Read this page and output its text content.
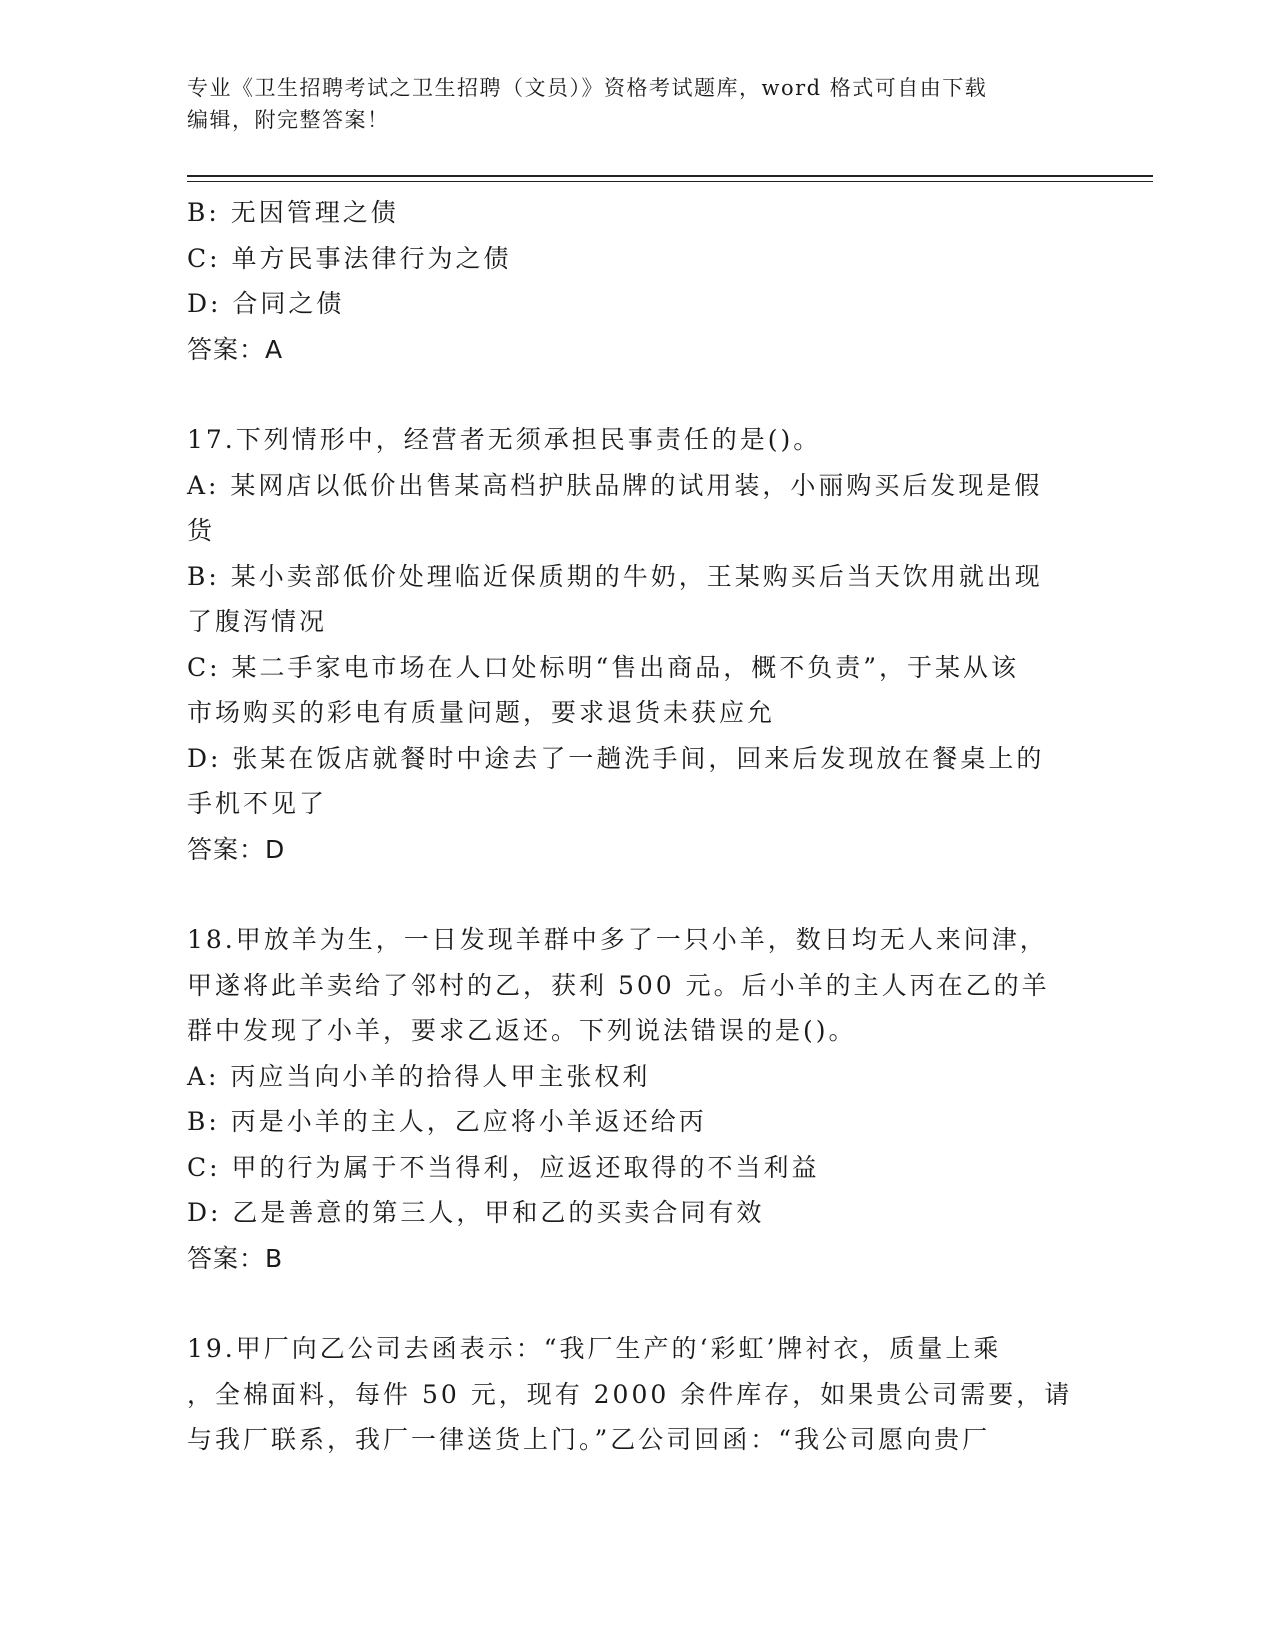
专业《卫生招聘考试之卫生招聘（文员）》资格考试题库，word 格式可自由下载
编辑，附完整答案！
B: 无因管理之债
C: 单方民事法律行为之债
D: 合同之债
答案：A
17.下列情形中，经营者无须承担民事责任的是()。
A: 某网店以低价出售某高档护肤品牌的试用装，小丽购买后发现是假
货
B: 某小卖部低价处理临近保质期的牛奶，王某购买后当天饮用就出现
了腹泻情况
C: 某二手家电市场在人口处标明“售出商品，概不负责”，于某从该
市场购买的彩电有质量问题，要求退货未获应允
D: 张某在饭店就餐时中途去了一趟洗手间，回来后发现放在餐桌上的
手机不见了
答案：D
18.甲放羊为生，一日发现羊群中多了一只小羊，数日均无人来问津，
甲遂将此羊卖给了邻村的乙，获利 500 元。后小羊的主人丙在乙的羊
群中发现了小羊，要求乙返还。下列说法错误的是()。
A: 丙应当向小羊的拾得人甲主张权利
B: 丙是小羊的主人，乙应将小羊返还给丙
C: 甲的行为属于不当得利，应返还取得的不当利益
D: 乙是善意的第三人，甲和乙的买卖合同有效
答案：B
19.甲厂向乙公司去函表示：“我厂生产的‘彩虹’牌衬衣，质量上乘
，全棉面料，每件 50 元，现有 2000 余件库存，如果贵公司需要，请
与我厂联系，我厂一律送货上门。”乙公司回函：“我公司愿向贵厂
